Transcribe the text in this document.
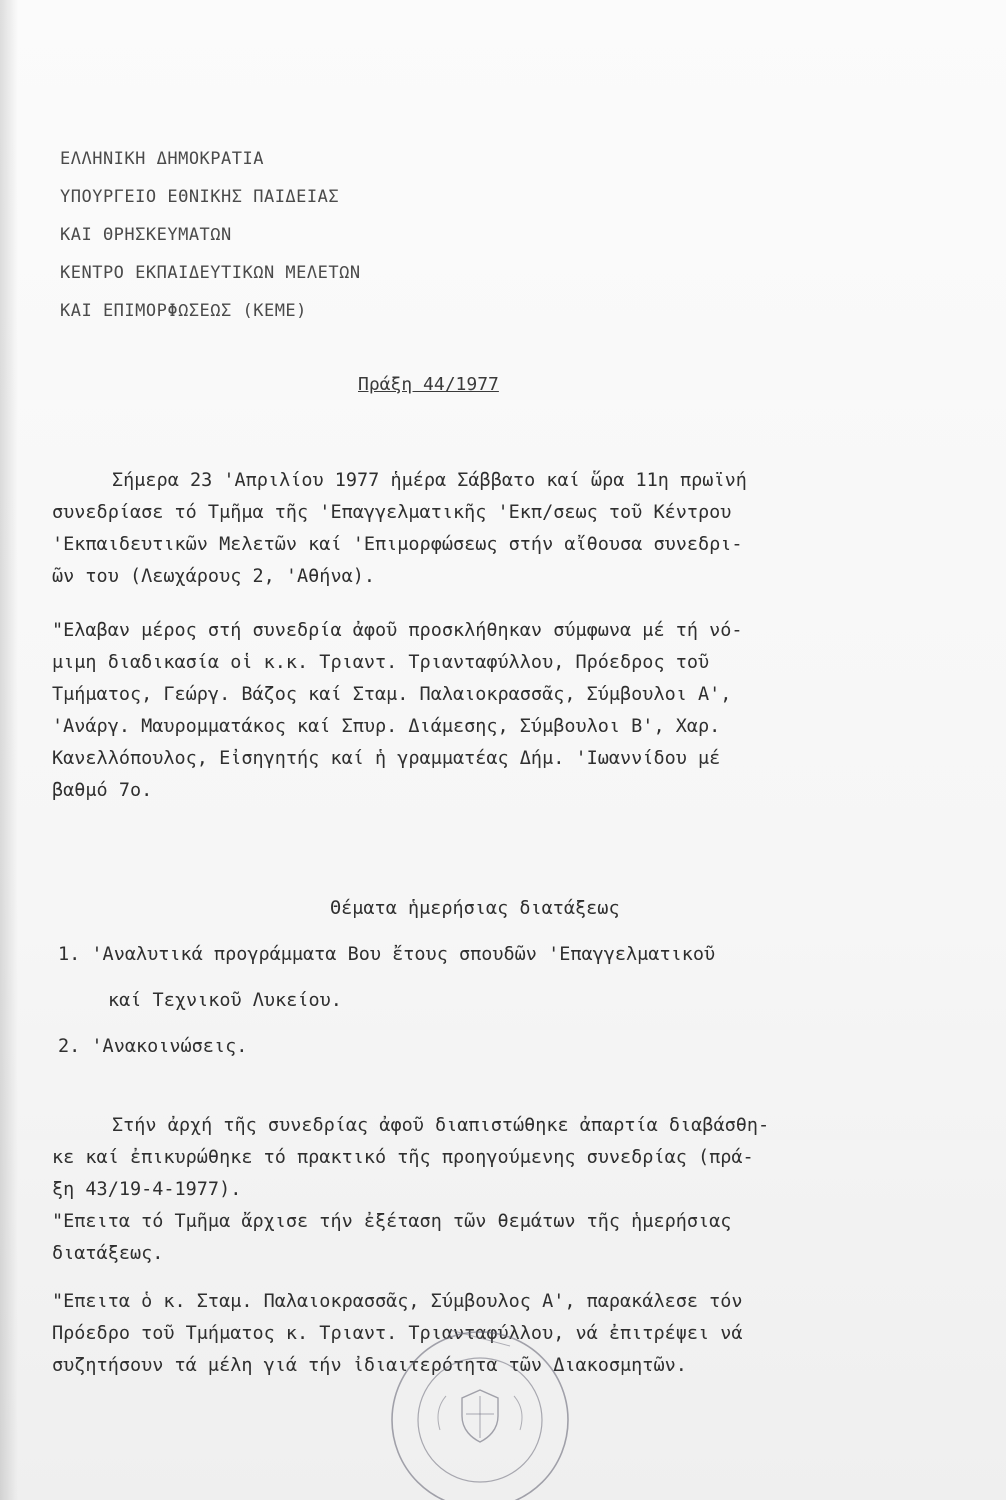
ΕΛΛΗΝΙΚΗ ΔΗΜΟΚΡΑΤΙΑ
ΥΠΟΥΡΓΕΙΟ ΕΘΝΙΚΗΣ ΠΑΙΔΕΙΑΣ
ΚΑΙ ΘΡΗΣΚΕΥΜΑΤΩΝ
ΚΕΝΤΡΟ ΕΚΠΑΙΔΕΥΤΙΚΩΝ ΜΕΛΕΤΩΝ
ΚΑΙ ΕΠΙΜΟΡΦΩΣΕΩΣ (ΚΕΜΕ)
Πράξη 44/1977
Σήμερα 23 'Απριλίου 1977 ἡμέρα Σάββατο καί ὥρα 11η πρωϊνή
συνεδρίασε τό Τμῆμα τῆς 'Επαγγελματικῆς 'Εκπ/σεως τοῦ Κέντρου
'Εκπαιδευτικῶν Μελετῶν καί 'Επιμορφώσεως στήν αἴθουσα συνεδρι-
ῶν του (Λεωχάρους 2, 'Αθήνα).
"Ελαβαν μέρος στή συνεδρία ἀφοῦ προσκλήθηκαν σύμφωνα μέ τή νό-
μιμη διαδικασία οἱ κ.κ. Τριαντ. Τριανταφύλλου, Πρόεδρος τοῦ
Τμήματος, Γεώργ. Βάζος καί Σταμ. Παλαιοκρασσᾶς, Σύμβουλοι Α',
'Ανάργ. Μαυρομματάκος καί Σπυρ. Διάμεσης, Σύμβουλοι Β', Χαρ.
Κανελλόπουλος, Εἰσηγητής καί ἡ γραμματέας Δήμ. 'Ιωαννίδου μέ
βαθμό 7ο.
Θέματα ἡμερήσιας διατάξεως
1. 'Αναλυτικά προγράμματα Βου ἔτους σπουδῶν 'Επαγγελματικοῦ
καί Τεχνικοῦ Λυκείου.
2. 'Ανακοινώσεις.
Στήν ἀρχή τῆς συνεδρίας ἀφοῦ διαπιστώθηκε ἀπαρτία διαβάσθη-
κε καί ἐπικυρώθηκε τό πρακτικό τῆς προηγούμενης συνεδρίας (πρά-
ξη 43/19-4-1977).
"Επειτα τό Τμῆμα ἄρχισε τήν ἐξέταση τῶν θεμάτων τῆς ἡμερήσιας
διατάξεως.
"Επειτα ὁ κ. Σταμ. Παλαιοκρασσᾶς, Σύμβουλος Α', παρακάλεσε τόν
Πρόεδρο τοῦ Τμήματος κ. Τριαντ. Τριανταφύλλου, νά ἐπιτρέψει νά
συζητήσουν τά μέλη γιά τήν ἰδιαιτερότητα τῶν Διακοσμητῶν.
